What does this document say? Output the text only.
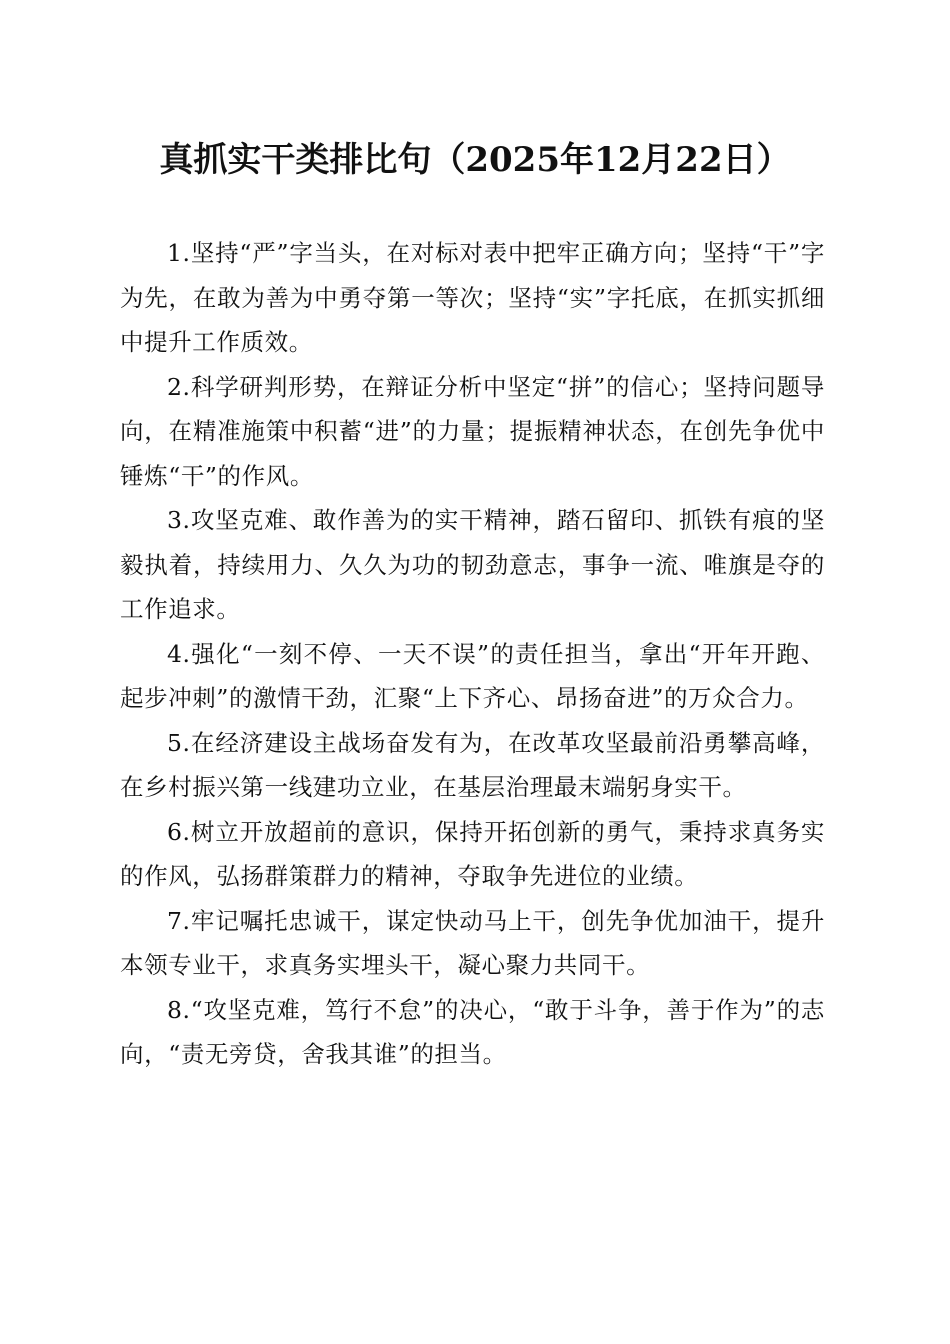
真抓实干类排比句（2025年12月22日）

1.坚持“严”字当头，在对标对表中把牢正确方向；坚持“干”字为先，在敢为善为中勇夺第一等次；坚持“实”字托底，在抓实抓细中提升工作质效。

2.科学研判形势，在辩证分析中坚定“拼”的信心；坚持问题导向，在精准施策中积蓄“进”的力量；提振精神状态，在创先争优中锤炼“干”的作风。

3.攻坚克难、敢作善为的实干精神，踏石留印、抓铁有痕的坚毅执着，持续用力、久久为功的韧劲意志，事争一流、唯旗是夺的工作追求。

4.强化“一刻不停、一天不误”的责任担当，拿出“开年开跑、起步冲刺”的激情干劲，汇聚“上下齐心、昂扬奋进”的万众合力。

5.在经济建设主战场奋发有为，在改革攻坚最前沿勇攀高峰，在乡村振兴第一线建功立业，在基层治理最末端躬身实干。

6.树立开放超前的意识，保持开拓创新的勇气，秉持求真务实的作风，弘扬群策群力的精神，夺取争先进位的业绩。

7.牢记嘱托忠诚干，谋定快动马上干，创先争优加油干，提升本领专业干，求真务实埋头干，凝心聚力共同干。

8.“攻坚克难，笃行不怠”的决心，“敢于斗争，善于作为”的志向，“责无旁贷，舍我其谁”的担当。
